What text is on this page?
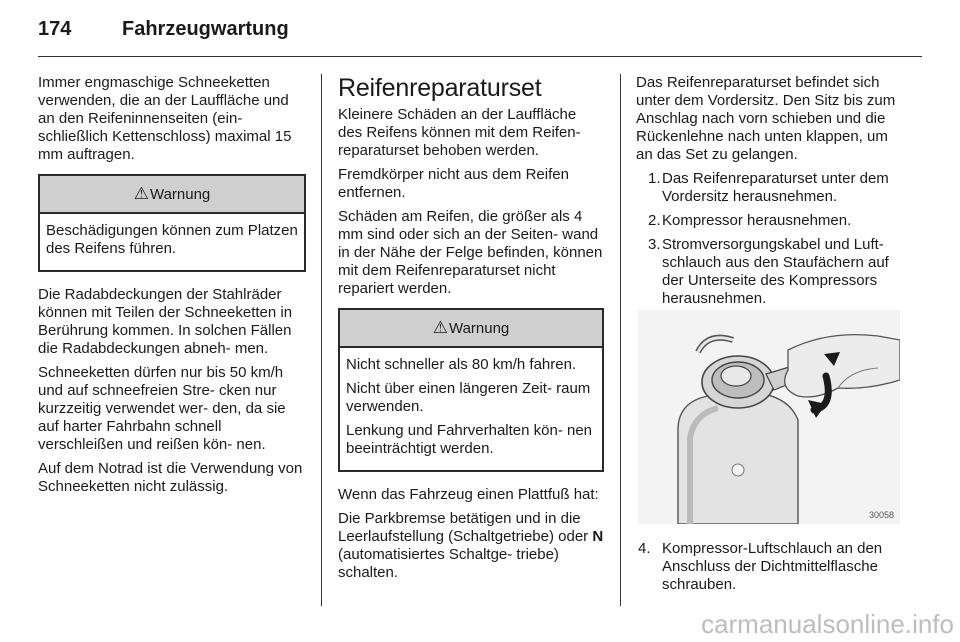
174	Fahrzeugwartung

Immer engmaschige Schneeketten verwenden, die an der Lauffläche und an den Reifeninnenseiten (ein- schließlich Kettenschloss) maximal 15 mm auftragen.

⚠Warnung

Beschädigungen können zum Platzen des Reifens führen.

Die Radabdeckungen der Stahlräder können mit Teilen der Schneeketten in Berührung kommen. In solchen Fällen die Radabdeckungen abneh- men.

Schneeketten dürfen nur bis 50 km/h und auf schneefreien Stre- cken nur kurzzeitig verwendet wer- den, da sie auf harter Fahrbahn schnell verschleißen und reißen kön- nen.

Auf dem Notrad ist die Verwendung von Schneeketten nicht zulässig.

Reifenreparaturset

Kleinere Schäden an der Lauffläche des Reifens können mit dem Reifen- reparaturset behoben werden.

Fremdkörper nicht aus dem Reifen entfernen.

Schäden am Reifen, die größer als 4 mm sind oder sich an der Seiten- wand in der Nähe der Felge befinden, können mit dem Reifenreparaturset nicht repariert werden.

⚠Warnung

Nicht schneller als 80 km/h fahren.

Nicht über einen längeren Zeit- raum verwenden.

Lenkung und Fahrverhalten kön- nen beeinträchtigt werden.

Wenn das Fahrzeug einen Plattfuß hat:

Die Parkbremse betätigen und in die Leerlaufstellung (Schaltgetriebe) oder N (automatisiertes Schaltge- triebe) schalten.

Das Reifenreparaturset befindet sich unter dem Vordersitz. Den Sitz bis zum Anschlag nach vorn schieben und die Rückenlehne nach unten klappen, um an das Set zu gelangen.

1. Das Reifenreparaturset unter dem Vordersitz herausnehmen.
2. Kompressor herausnehmen.
3. Stromversorgungskabel und Luft- schlauch aus den Staufächern auf der Unterseite des Kompressors herausnehmen.
30058
4. Kompressor-Luftschlauch an den Anschluss der Dichtmittelflasche schrauben.
carmanualsonline.info
